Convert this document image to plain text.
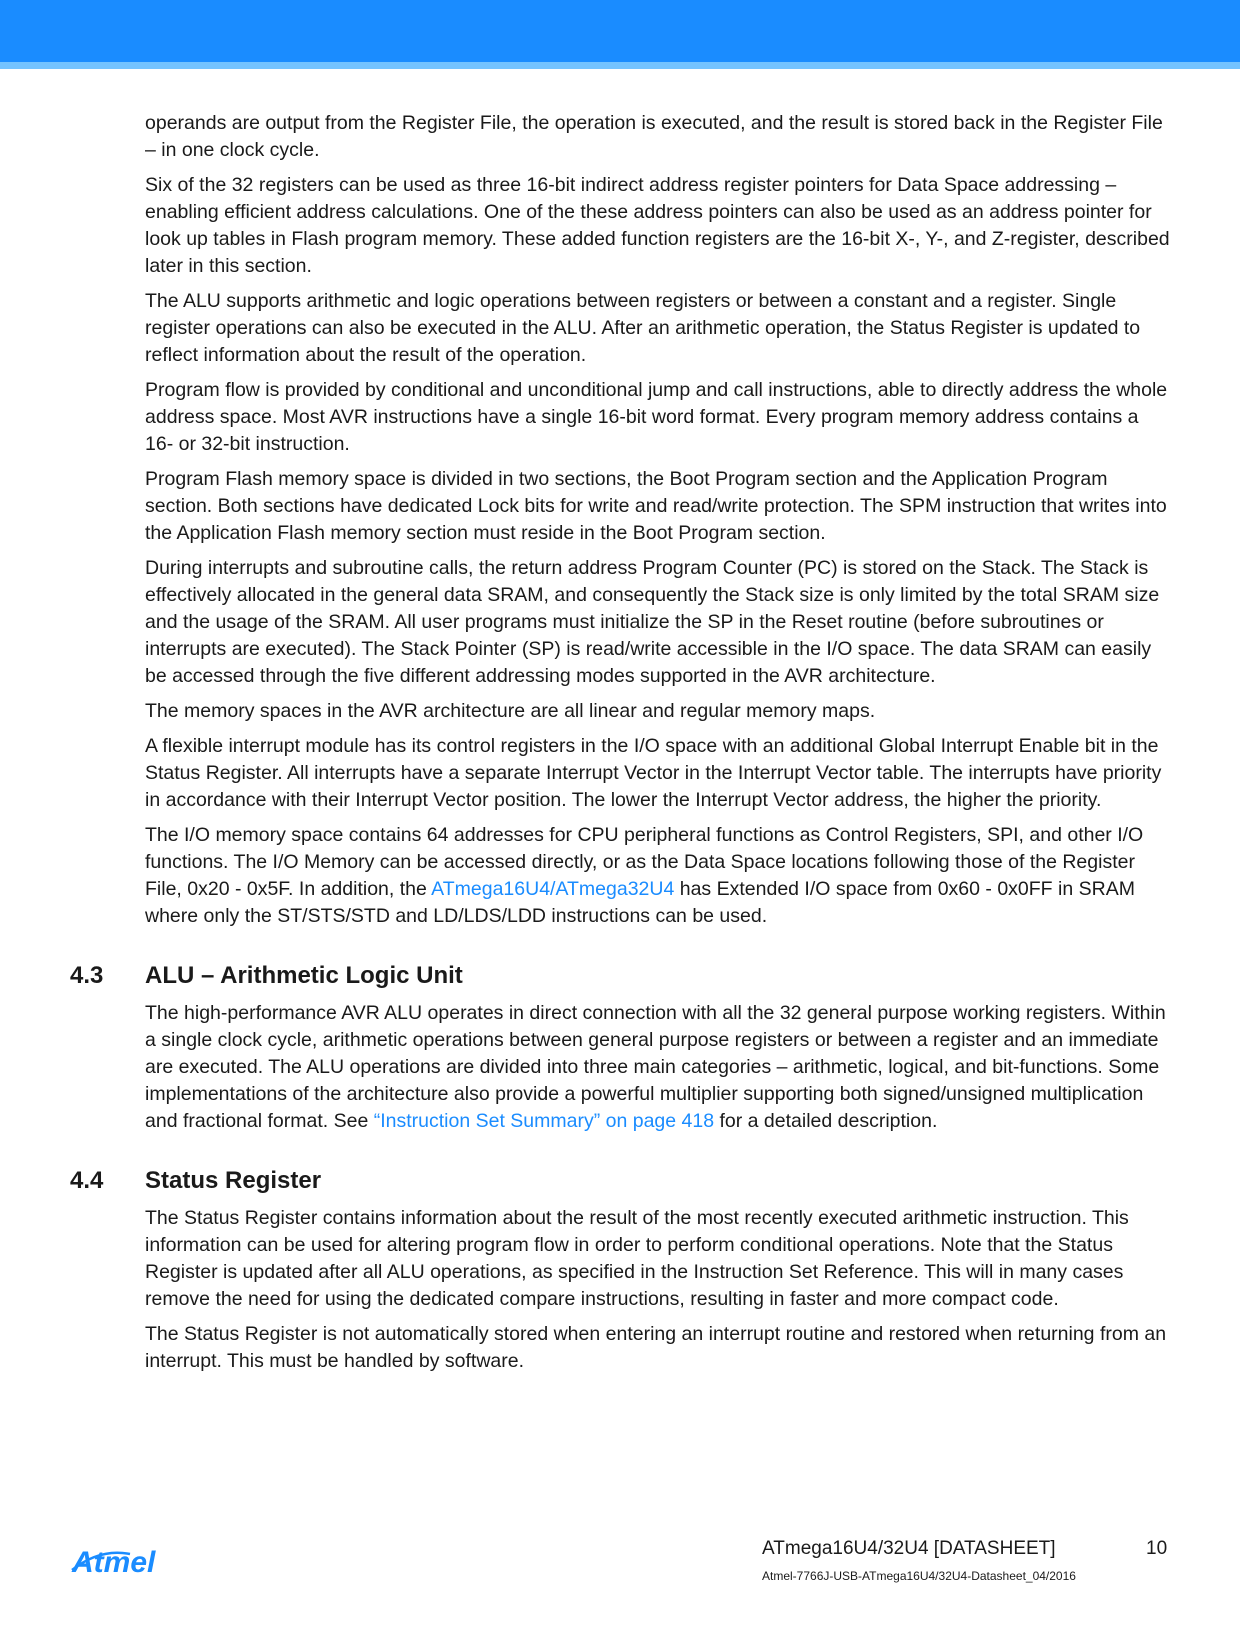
operands are output from the Register File, the operation is executed, and the result is stored back in the Register File – in one clock cycle.

Six of the 32 registers can be used as three 16-bit indirect address register pointers for Data Space addressing – enabling efficient address calculations. One of the these address pointers can also be used as an address pointer for look up tables in Flash program memory. These added function registers are the 16-bit X-, Y-, and Z-register, described later in this section.

The ALU supports arithmetic and logic operations between registers or between a constant and a register. Single register operations can also be executed in the ALU. After an arithmetic operation, the Status Register is updated to reflect information about the result of the operation.

Program flow is provided by conditional and unconditional jump and call instructions, able to directly address the whole address space. Most AVR instructions have a single 16-bit word format. Every program memory address contains a 16- or 32-bit instruction.

Program Flash memory space is divided in two sections, the Boot Program section and the Application Program section. Both sections have dedicated Lock bits for write and read/write protection. The SPM instruction that writes into the Application Flash memory section must reside in the Boot Program section.

During interrupts and subroutine calls, the return address Program Counter (PC) is stored on the Stack. The Stack is effectively allocated in the general data SRAM, and consequently the Stack size is only limited by the total SRAM size and the usage of the SRAM. All user programs must initialize the SP in the Reset routine (before subroutines or interrupts are executed). The Stack Pointer (SP) is read/write accessible in the I/O space. The data SRAM can easily be accessed through the five different addressing modes supported in the AVR architecture.

The memory spaces in the AVR architecture are all linear and regular memory maps.

A flexible interrupt module has its control registers in the I/O space with an additional Global Interrupt Enable bit in the Status Register. All interrupts have a separate Interrupt Vector in the Interrupt Vector table. The interrupts have priority in accordance with their Interrupt Vector position. The lower the Interrupt Vector address, the higher the priority.

The I/O memory space contains 64 addresses for CPU peripheral functions as Control Registers, SPI, and other I/O functions. The I/O Memory can be accessed directly, or as the Data Space locations following those of the Register File, 0x20 - 0x5F. In addition, the ATmega16U4/ATmega32U4 has Extended I/O space from 0x60 - 0x0FF in SRAM where only the ST/STS/STD and LD/LDS/LDD instructions can be used.

4.3 ALU – Arithmetic Logic Unit

The high-performance AVR ALU operates in direct connection with all the 32 general purpose working registers. Within a single clock cycle, arithmetic operations between general purpose registers or between a register and an immediate are executed. The ALU operations are divided into three main categories – arithmetic, logical, and bit-functions. Some implementations of the architecture also provide a powerful multiplier supporting both signed/unsigned multiplication and fractional format. See “Instruction Set Summary” on page 418 for a detailed description.

4.4 Status Register

The Status Register contains information about the result of the most recently executed arithmetic instruction. This information can be used for altering program flow in order to perform conditional operations. Note that the Status Register is updated after all ALU operations, as specified in the Instruction Set Reference. This will in many cases remove the need for using the dedicated compare instructions, resulting in faster and more compact code.

The Status Register is not automatically stored when entering an interrupt routine and restored when returning from an interrupt. This must be handled by software.

Atmel	ATmega16U4/32U4 [DATASHEET]	10
Atmel-7766J-USB-ATmega16U4/32U4-Datasheet_04/2016
